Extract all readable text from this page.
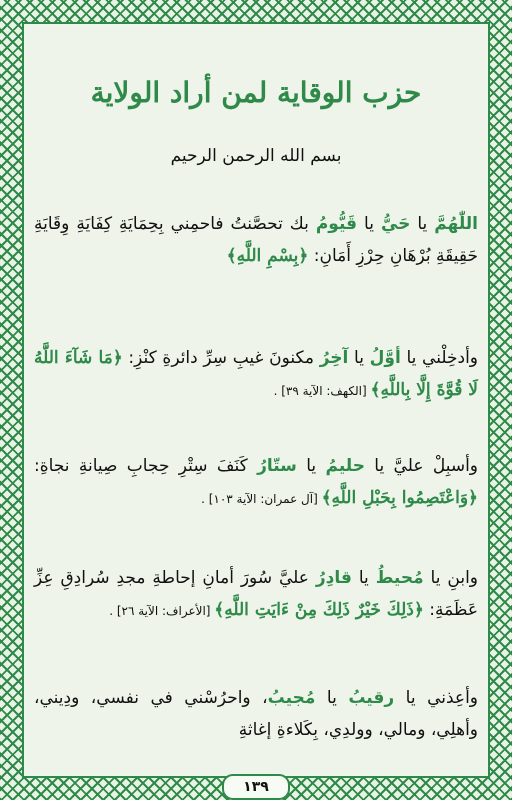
حزب الوقاية لمن أراد الولاية
بسم الله الرحمن الرحيم
اللّٰهُمَّ يا حَيُّ يا قَيُّومُ بك تحصَّنتُ فاحمِني بِحِمَايَةِ كِفَايَةِ وِقَايَةِ حَقِيقَةِ بُرْهَانِ حِرْزِ أَمَانِ: ﴿بِسْمِ اللَّهِ﴾
وأدخِلْني يا أوَّلُ يا آخِرُ مكنونَ غيبِ سِرِّ دائرةِ كنْزِ: ﴿مَا شَآءَ اللَّهُ لَا قُوَّةَ إِلَّا بِاللَّهِ﴾ [الكهف: الآية ٣٩] .
وأسبِلْ عليَّ يا حليمُ يا ستّارُ كَنَفَ سِتْرِ حِجابِ صِيانةِ نجاةِ: ﴿وَاعْتَصِمُوا بِحَبْلِ اللَّهِ﴾ [آل عمران: الآية ١٠٣] .
وابنِ يا مُحيطُ يا قادِرُ عليَّ سُورَ أمانِ إحاطةِ مجدِ سُرادِقِ عِزِّ عَظَمَةِ: ﴿ذَلِكَ خَيْرٌ ذَلِكَ مِنْ ءَايَتِ اللَّهِ﴾ [الأعراف: الآية ٢٦] .
وأعِذني يا رقيبُ يا مُجيبُ، واحرُسْني في نفسي، ودِيني، وأهلِي، ومالي، وولدِي، بِكَلاءةِ إغاثةِ
١٣٩
